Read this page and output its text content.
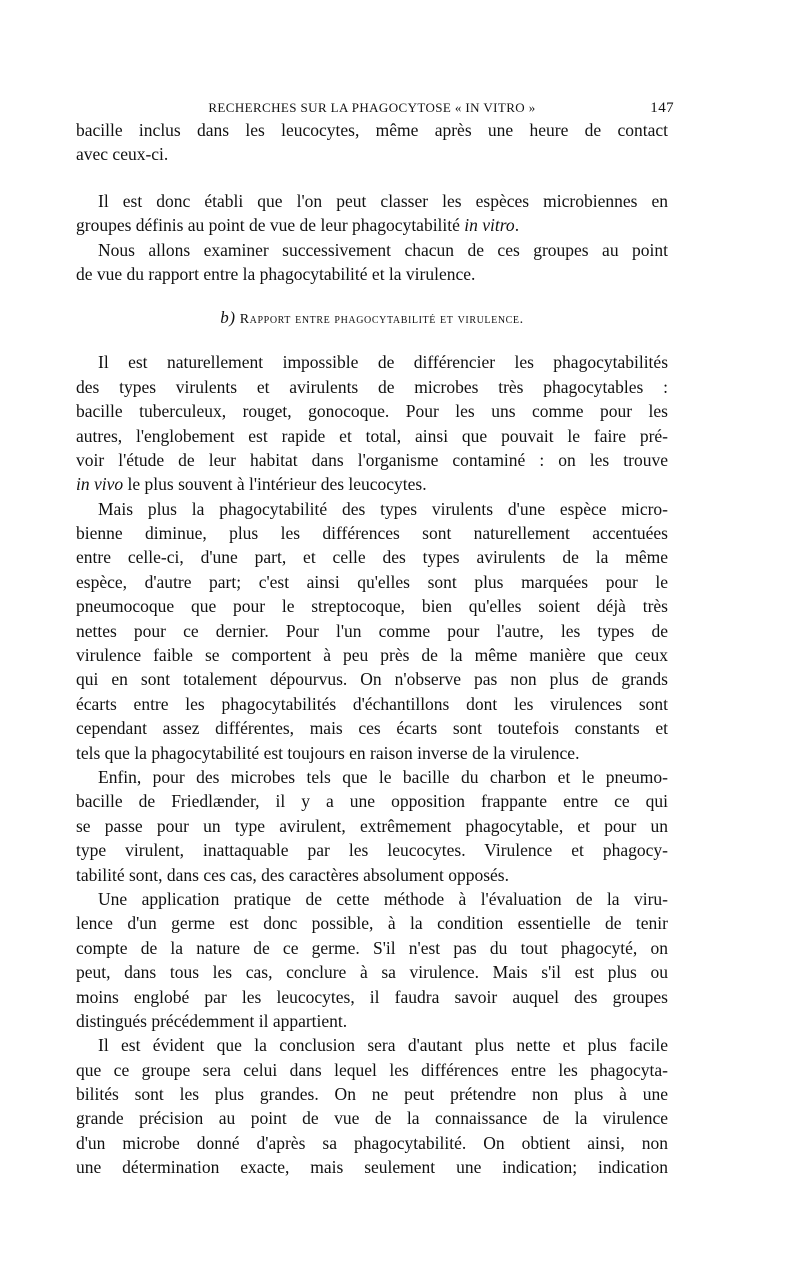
RECHERCHES SUR LA PHAGOCYTOSE « IN VITRO »	147

bacille inclus dans les leucocytes, même après une heure de contact
avec ceux-ci.

Il est donc établi que l'on peut classer les espèces microbiennes en
groupes définis au point de vue de leur phagocytabilité in vitro.

Nous allons examiner successivement chacun de ces groupes au point
de vue du rapport entre la phagocytabilité et la virulence.

b) Rapport entre phagocytabilité et virulence.

Il est naturellement impossible de différencier les phagocytabilités
des types virulents et avirulents de microbes très phagocytables :
bacille tuberculeux, rouget, gonocoque. Pour les uns comme pour les
autres, l'englobement est rapide et total, ainsi que pouvait le faire pré-
voir l'étude de leur habitat dans l'organisme contaminé : on les trouve
in vivo le plus souvent à l'intérieur des leucocytes.

Mais plus la phagocytabilité des types virulents d'une espèce micro-
bienne diminue, plus les différences sont naturellement accentuées
entre celle-ci, d'une part, et celle des types avirulents de la même
espèce, d'autre part; c'est ainsi qu'elles sont plus marquées pour le
pneumocoque que pour le streptocoque, bien qu'elles soient déjà très
nettes pour ce dernier. Pour l'un comme pour l'autre, les types de
virulence faible se comportent à peu près de la même manière que ceux
qui en sont totalement dépourvus. On n'observe pas non plus de grands
écarts entre les phagocytabilités d'échantillons dont les virulences sont
cependant assez différentes, mais ces écarts sont toutefois constants et
tels que la phagocytabilité est toujours en raison inverse de la virulence.

Enfin, pour des microbes tels que le bacille du charbon et le pneumo-
bacille de Friedlænder, il y a une opposition frappante entre ce qui
se passe pour un type avirulent, extrêmement phagocytable, et pour un
type virulent, inattaquable par les leucocytes. Virulence et phagocy-
tabilité sont, dans ces cas, des caractères absolument opposés.

Une application pratique de cette méthode à l'évaluation de la viru-
lence d'un germe est donc possible, à la condition essentielle de tenir
compte de la nature de ce germe. S'il n'est pas du tout phagocyté, on
peut, dans tous les cas, conclure à sa virulence. Mais s'il est plus ou
moins englobé par les leucocytes, il faudra savoir auquel des groupes
distingués précédemment il appartient.

Il est évident que la conclusion sera d'autant plus nette et plus facile
que ce groupe sera celui dans lequel les différences entre les phagocyta-
bilités sont les plus grandes. On ne peut prétendre non plus à une
grande précision au point de vue de la connaissance de la virulence
d'un microbe donné d'après sa phagocytabilité. On obtient ainsi, non
une détermination exacte, mais seulement une indication; indication
